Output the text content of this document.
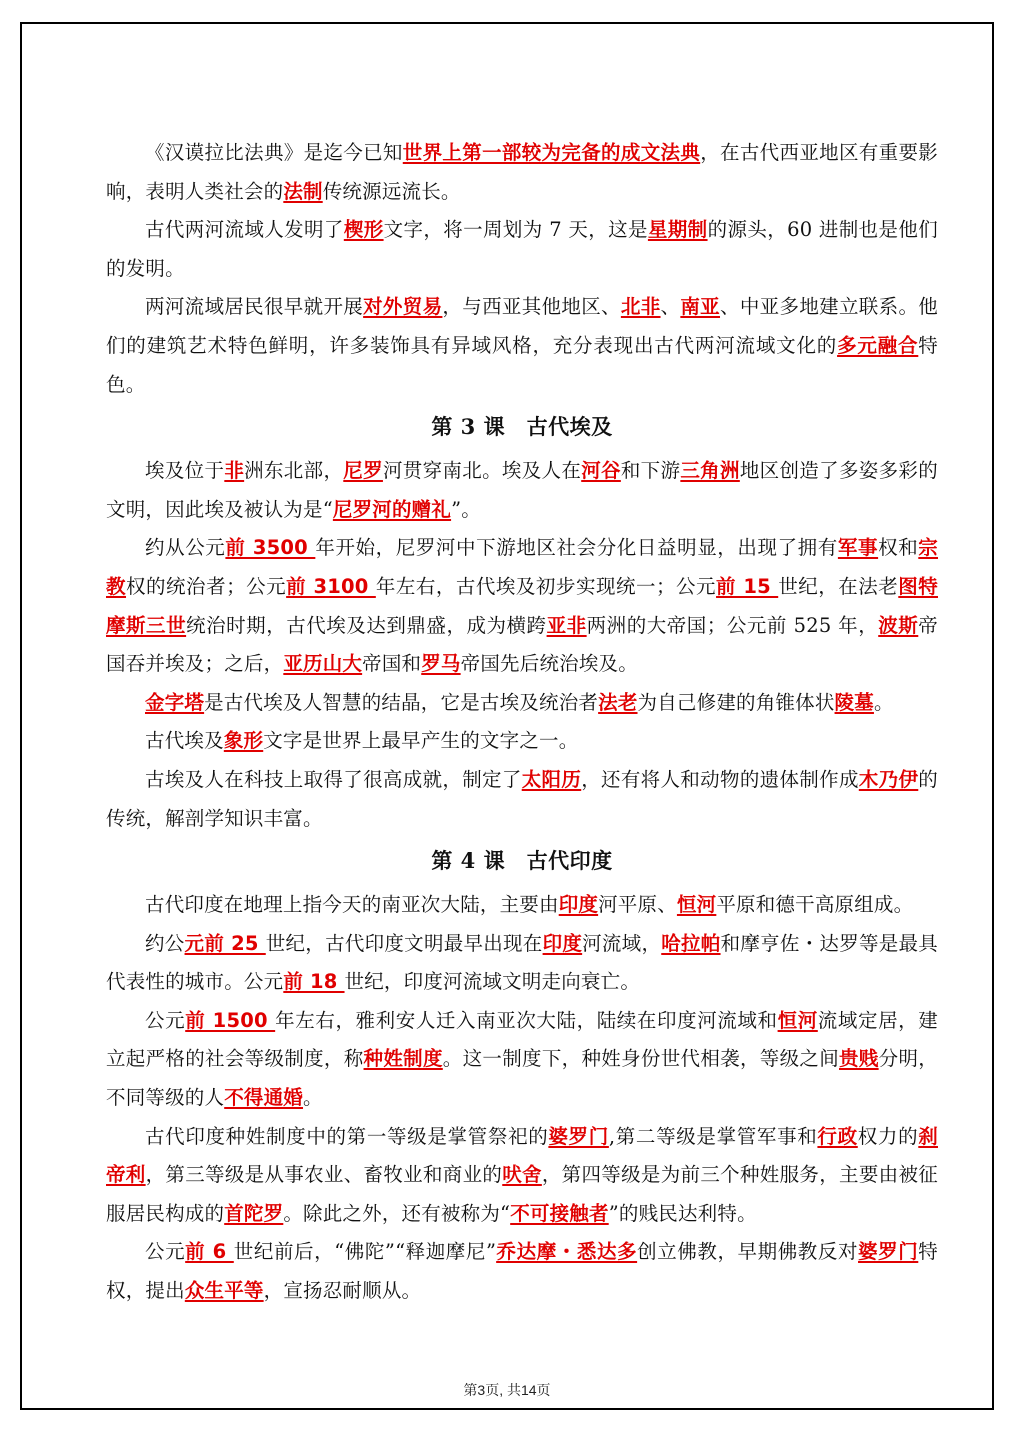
《汉谟拉比法典》是迄今已知世界上第一部较为完备的成文法典，在古代西亚地区有重要影响，表明人类社会的法制传统源远流长。

古代两河流域人发明了楔形文字，将一周划为 7 天，这是星期制的源头，60 进制也是他们的发明。

两河流域居民很早就开展对外贸易，与西亚其他地区、北非、南亚、中亚多地建立联系。他们的建筑艺术特色鲜明，许多装饰具有异域风格，充分表现出古代两河流域文化的多元融合特色。

第 3 课　古代埃及

埃及位于非洲东北部，尼罗河贯穿南北。埃及人在河谷和下游三角洲地区创造了多姿多彩的文明，因此埃及被认为是“尼罗河的赠礼”。

约从公元前 3500 年开始，尼罗河中下游地区社会分化日益明显，出现了拥有军事权和宗教权的统治者；公元前 3100 年左右，古代埃及初步实现统一；公元前 15 世纪，在法老图特摩斯三世统治时期，古代埃及达到鼎盛，成为横跨亚非两洲的大帝国；公元前 525 年，波斯帝国吞并埃及；之后，亚历山大帝国和罗马帝国先后统治埃及。

金字塔是古代埃及人智慧的结晶，它是古埃及统治者法老为自己修建的角锥体状陵墓。

古代埃及象形文字是世界上最早产生的文字之一。

古埃及人在科技上取得了很高成就，制定了太阳历，还有将人和动物的遗体制作成木乃伊的传统，解剖学知识丰富。

第 4 课　古代印度

古代印度在地理上指今天的南亚次大陆，主要由印度河平原、恒河平原和德干高原组成。

约公元前 25 世纪，古代印度文明最早出现在印度河流域，哈拉帕和摩亨佐・达罗等是最具代表性的城市。公元前 18 世纪，印度河流域文明走向衰亡。

公元前 1500 年左右，雅利安人迁入南亚次大陆，陆续在印度河流域和恒河流域定居，建立起严格的社会等级制度，称种姓制度。这一制度下，种姓身份世代相袭，等级之间贵贱分明，不同等级的人不得通婚。

古代印度种姓制度中的第一等级是掌管祭祀的婆罗门,第二等级是掌管军事和行政权力的刹帝利，第三等级是从事农业、畜牧业和商业的吠舍，第四等级是为前三个种姓服务，主要由被征服居民构成的首陀罗。除此之外，还有被称为“不可接触者”的贱民达利特。

公元前 6 世纪前后，“佛陀”“释迦摩尼”乔达摩・悉达多创立佛教，早期佛教反对婆罗门特权，提出众生平等，宣扬忍耐顺从。

第3页, 共14页
